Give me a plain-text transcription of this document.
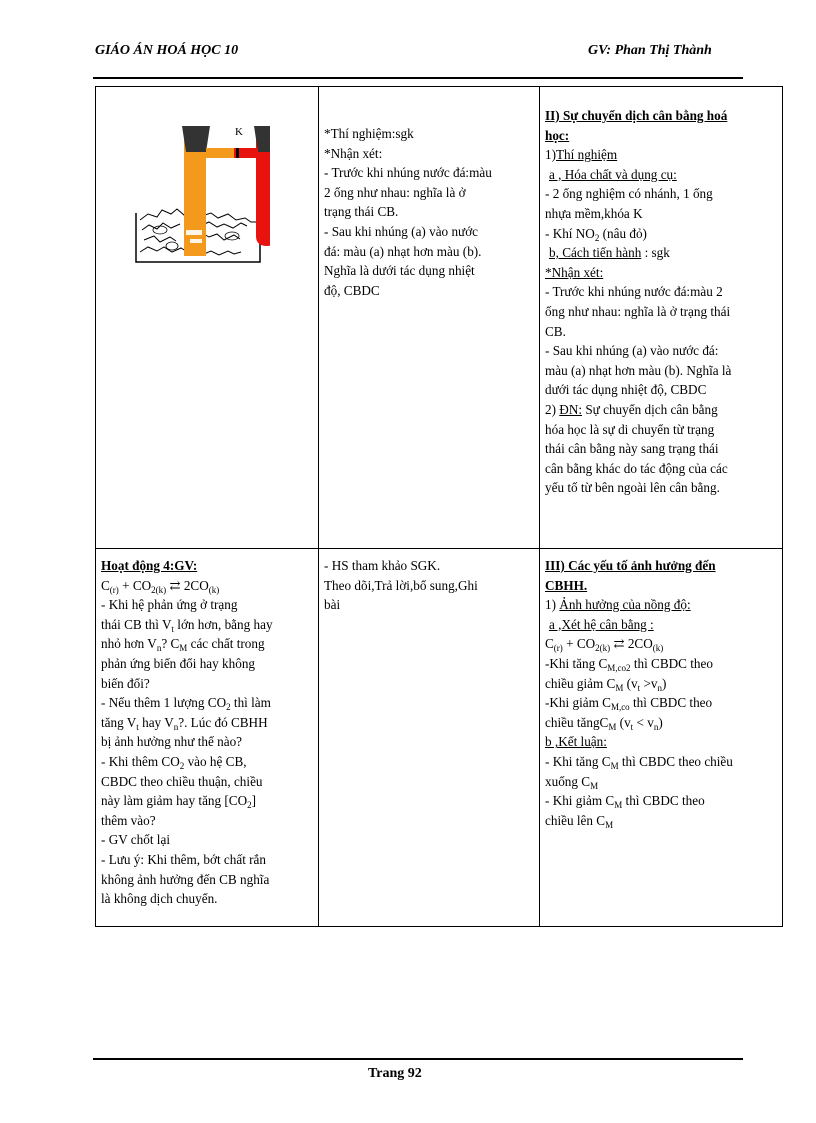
GIÁO ÁN HOÁ HỌC 10	GV: Phan Thị Thành
K	*Thí nghiệm:sgk
*Nhận xét:
- Trước khi nhúng nước đá:màu
2 ống như nhau: nghĩa là ở
trạng thái CB.
- Sau khi nhúng (a) vào nước
đá: màu (a) nhạt hơn màu (b).
Nghĩa là dưới tác dụng nhiệt
độ, CBDC
II) Sự chuyển dịch cân bằng hoá
học:
1)Thí nghiệm
a , Hóa chất và dụng cụ:
- 2 ống nghiệm có nhánh, 1 ống
nhựa mềm,khóa K
- Khí $NO_2$ (nâu đỏ)
b, Cách tiến hành : sgk
*Nhận xét:
- Trước khi nhúng nước đá:màu 2
ống như nhau: nghĩa là ở trạng thái
CB.
- Sau khi nhúng (a) vào nước đá:
màu (a) nhạt hơn màu (b). Nghĩa là
dưới tác dụng nhiệt độ, CBDC
2) ĐN: Sự chuyển dịch cân bằng
hóa học là sự di chuyển từ trạng
thái cân bằng này sang trạng thái
cân bằng khác do tác động của các
yếu tố từ bên ngoài lên cân bằng.
Hoạt động 4:GV:
$C_{(r)} + CO_{2(k)}$ ⇄ $2CO_{(k)}$
- Khi hệ phản ứng ở trạng
thái CB thì $V_t$ lớn hơn, bằng hay
nhỏ hơn $V_n$? $C_M$ các chất trong
phản ứng biến đổi hay không
biến đổi?
- Nếu thêm 1 lượng $CO_2$ thì làm
tăng $V_t$ hay $V_n$?. Lúc đó CBHH
bị ảnh hưởng như thế nào?
- Khi thêm $CO_2$ vào hệ CB,
CBDC theo chiều thuận, chiều
này làm giảm hay tăng $[CO_2]$
thêm vào?
- GV chốt lại
- Lưu ý: Khi thêm, bớt chất rắn
không ảnh hưởng đến CB nghĩa
là không dịch chuyển.
- HS tham khảo SGK.
Theo dõi,Trả lời,bổ sung,Ghi
bài
III) Các yếu tố ảnh hưởng đến
CBHH.
1) Ảnh hưởng của nồng độ:
a ,Xét hệ cân bằng :
$C_{(r)} + CO_{2(k)}$ ⇄ $2CO_{(k)}$
-Khi tăng $C_{M,co2}$ thì CBDC theo
chiều giảm $C_M$ $(v_t >v_n)$
-Khi giảm $C_{M,co}$ thì CBDC theo
chiều tăngC$_M$ $(v_t < v_n)$
b ,Kết luận:
- Khi tăng $C_M$ thì CBDC theo chiều
xuống $C_M$
- Khi giảm $C_M$ thì CBDC theo
chiều lên $C_M$
Trang 92
